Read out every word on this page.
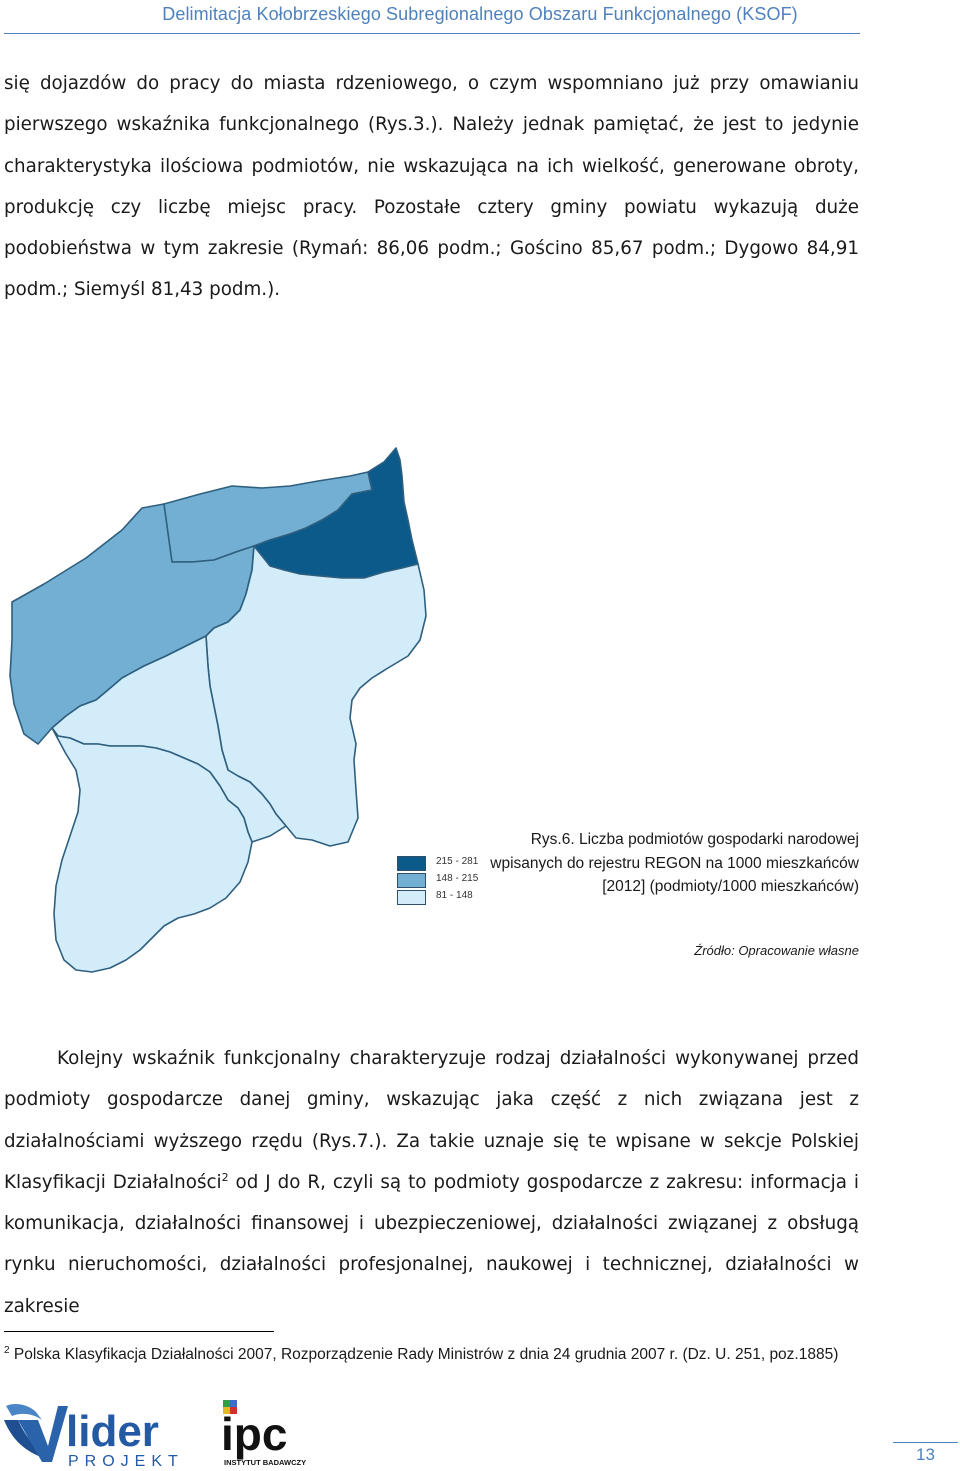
Delimitacja Kołobrzeskiego Subregionalnego Obszaru Funkcjonalnego (KSOF)
się dojazdów do pracy do miasta rdzeniowego, o czym wspomniano już przy omawianiu pierwszego wskaźnika funkcjonalnego (Rys.3.). Należy jednak pamiętać, że jest to jedynie charakterystyka ilościowa podmiotów, nie wskazująca na ich wielkość, generowane obroty, produkcję czy liczbę miejsc pracy. Pozostałe cztery gminy powiatu wykazują duże podobieństwa w tym zakresie (Rymań: 86,06 podm.; Gościno 85,67 podm.; Dygowo 84,91 podm.; Siemyśl 81,43 podm.).
215 - 281
148 - 215
81 - 148
Rys.6. Liczba podmiotów gospodarki narodowej wpisanych do rejestru REGON na 1000 mieszkańców [2012] (podmioty/1000 mieszkańców)
Źródło: Opracowanie własne
Kolejny wskaźnik funkcjonalny charakteryzuje rodzaj działalności wykonywanej przed podmioty gospodarcze danej gminy, wskazując jaka część z nich związana jest z działalnościami wyższego rzędu (Rys.7.). Za takie uznaje się te wpisane w sekcje Polskiej Klasyfikacji Działalności$^2$ od J do R, czyli są to podmioty gospodarcze z zakresu: informacja i komunikacja, działalności finansowej i ubezpieczeniowej, działalności związanej z obsługą rynku nieruchomości, działalności profesjonalnej, naukowej i technicznej, działalności w zakresie
$^2$ Polska Klasyfikacja Działalności 2007, Rozporządzenie Rady Ministrów z dnia 24 grudnia 2007 r. (Dz. U. 251, poz.1885)
lider
PROJEKT
ipc
INSTYTUT BADAWCZY	13
